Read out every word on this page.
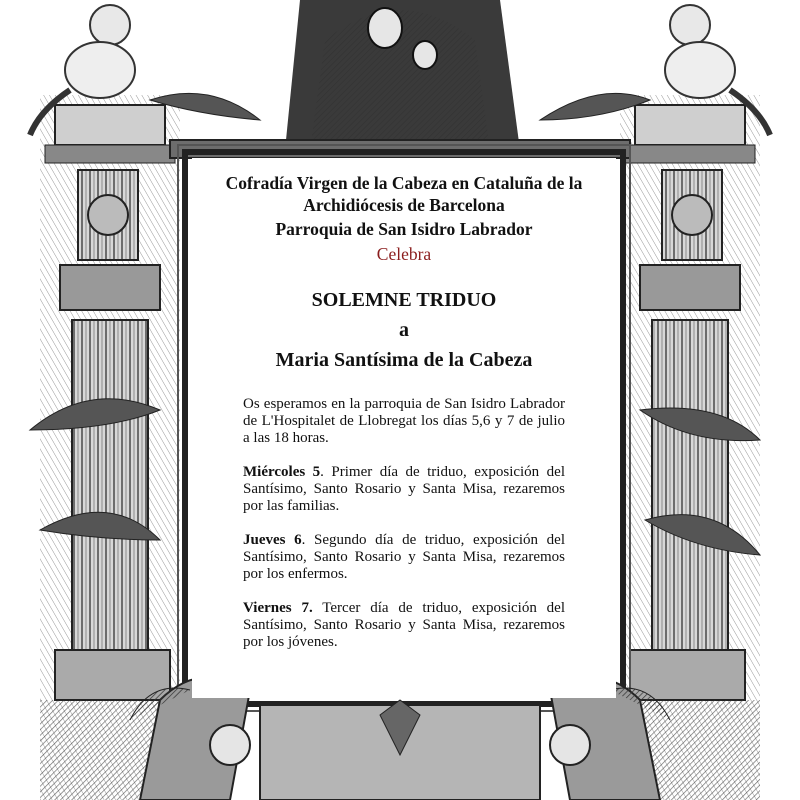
Cofradía Virgen de la Cabeza en Cataluña de la
Archidiócesis de Barcelona
Parroquia de San Isidro Labrador
Celebra
SOLEMNE TRIDUO
a
Maria Santísima de la Cabeza
Os esperamos en la parroquia de San Isidro Labrador de L'Hospitalet de Llobregat los días 5,6 y 7 de julio a las 18 horas.
Miércoles 5. Primer día de triduo, exposición del Santísimo, Santo Rosario y Santa Misa, rezaremos por las familias.
Jueves 6. Segundo día de triduo, exposición del Santísimo, Santo Rosario y Santa Misa, rezaremos por los enfermos.
Viernes 7. Tercer día de triduo, exposición del Santísimo, Santo Rosario y Santa Misa, rezaremos por los jóvenes.
